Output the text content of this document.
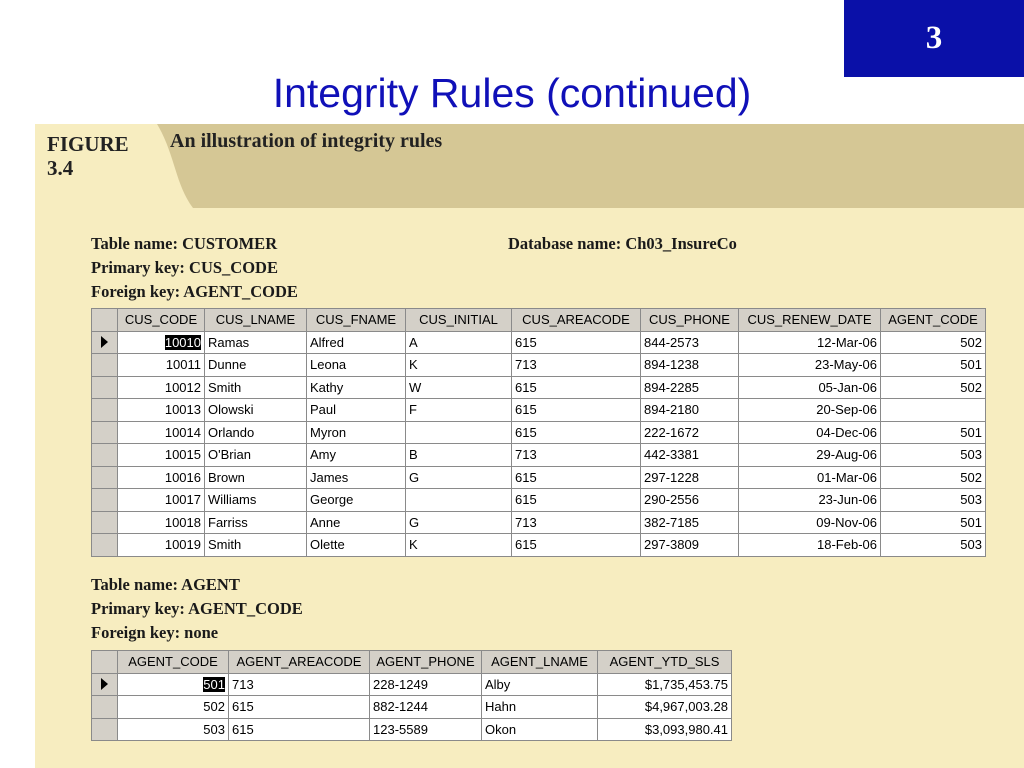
3
Integrity Rules (continued)
FIGURE
3.4
An illustration of integrity rules
Table name: CUSTOMER
Primary key: CUS_CODE
Foreign key: AGENT_CODE
Database name: Ch03_InsureCo
	CUS_CODE	CUS_LNAME	CUS_FNAME	CUS_INITIAL	CUS_AREACODE	CUS_PHONE	CUS_RENEW_DATE	AGENT_CODE

	10010	Ramas	Alfred	A	615	844-2573	12-Mar-06	502
	10011	Dunne	Leona	K	713	894-1238	23-May-06	501
	10012	Smith	Kathy	W	615	894-2285	05-Jan-06	502
	10013	Olowski	Paul	F	615	894-2180	20-Sep-06	
	10014	Orlando	Myron		615	222-1672	04-Dec-06	501
	10015	O'Brian	Amy	B	713	442-3381	29-Aug-06	503
	10016	Brown	James	G	615	297-1228	01-Mar-06	502
	10017	Williams	George		615	290-2556	23-Jun-06	503
	10018	Farriss	Anne	G	713	382-7185	09-Nov-06	501
	10019	Smith	Olette	K	615	297-3809	18-Feb-06	503
Table name: AGENT
Primary key: AGENT_CODE
Foreign key: none
	AGENT_CODE	AGENT_AREACODE	AGENT_PHONE	AGENT_LNAME	AGENT_YTD_SLS

	501	713	228-1249	Alby	$1,735,453.75
	502	615	882-1244	Hahn	$4,967,003.28
	503	615	123-5589	Okon	$3,093,980.41
